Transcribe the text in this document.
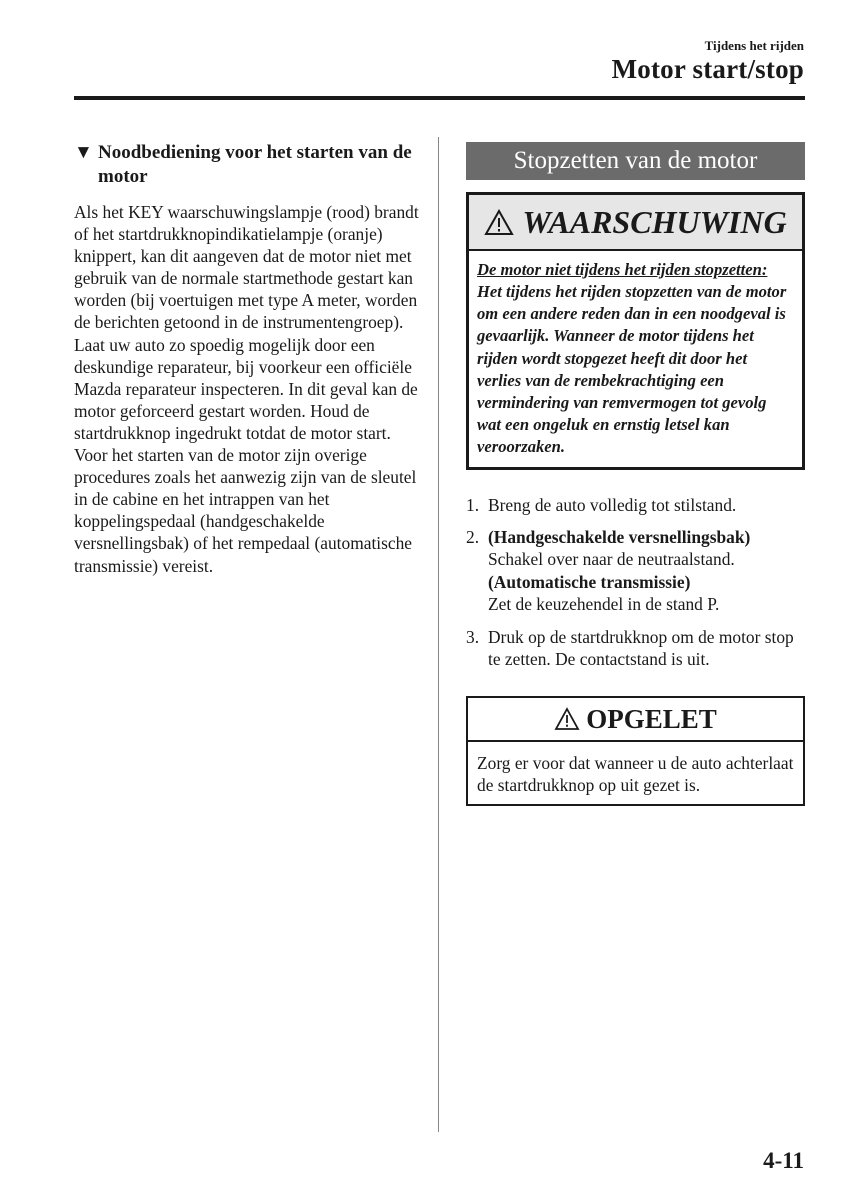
Tijdens het rijden
Motor start/stop
▼ Noodbediening voor het starten van de motor

Als het KEY waarschuwingslampje (rood) brandt of het startdrukknopindikatielampje (oranje) knippert, kan dit aangeven dat de motor niet met gebruik van de normale startmethode gestart kan worden (bij voertuigen met type A meter, worden de berichten getoond in de instrumentengroep). Laat uw auto zo spoedig mogelijk door een deskundige reparateur, bij voorkeur een officiële Mazda reparateur inspecteren. In dit geval kan de motor geforceerd gestart worden. Houd de startdrukknop ingedrukt totdat de motor start. Voor het starten van de motor zijn overige procedures zoals het aanwezig zijn van de sleutel in de cabine en het intrappen van het koppelingspedaal (handgeschakelde versnellingsbak) of het rempedaal (automatische transmissie) vereist.

Stopzetten van de motor
WAARSCHUWING

De motor niet tijdens het rijden stopzetten:

Het tijdens het rijden stopzetten van de motor om een andere reden dan in een noodgeval is gevaarlijk. Wanneer de motor tijdens het rijden wordt stopgezet heeft dit door het verlies van de rembekrachtiging een vermindering van remvermogen tot gevolg wat een ongeluk en ernstig letsel kan veroorzaken.

1. Breng de auto volledig tot stilstand.
2. (Handgeschakelde versnellingsbak)
Schakel over naar de neutraalstand.
(Automatische transmissie)
Zet de keuzehendel in de stand P.
3. Druk op de startdrukknop om de motor stop te zetten. De contactstand is uit.
OPGELET
Zorg er voor dat wanneer u de auto achterlaat de startdrukknop op uit gezet is.
4-11
